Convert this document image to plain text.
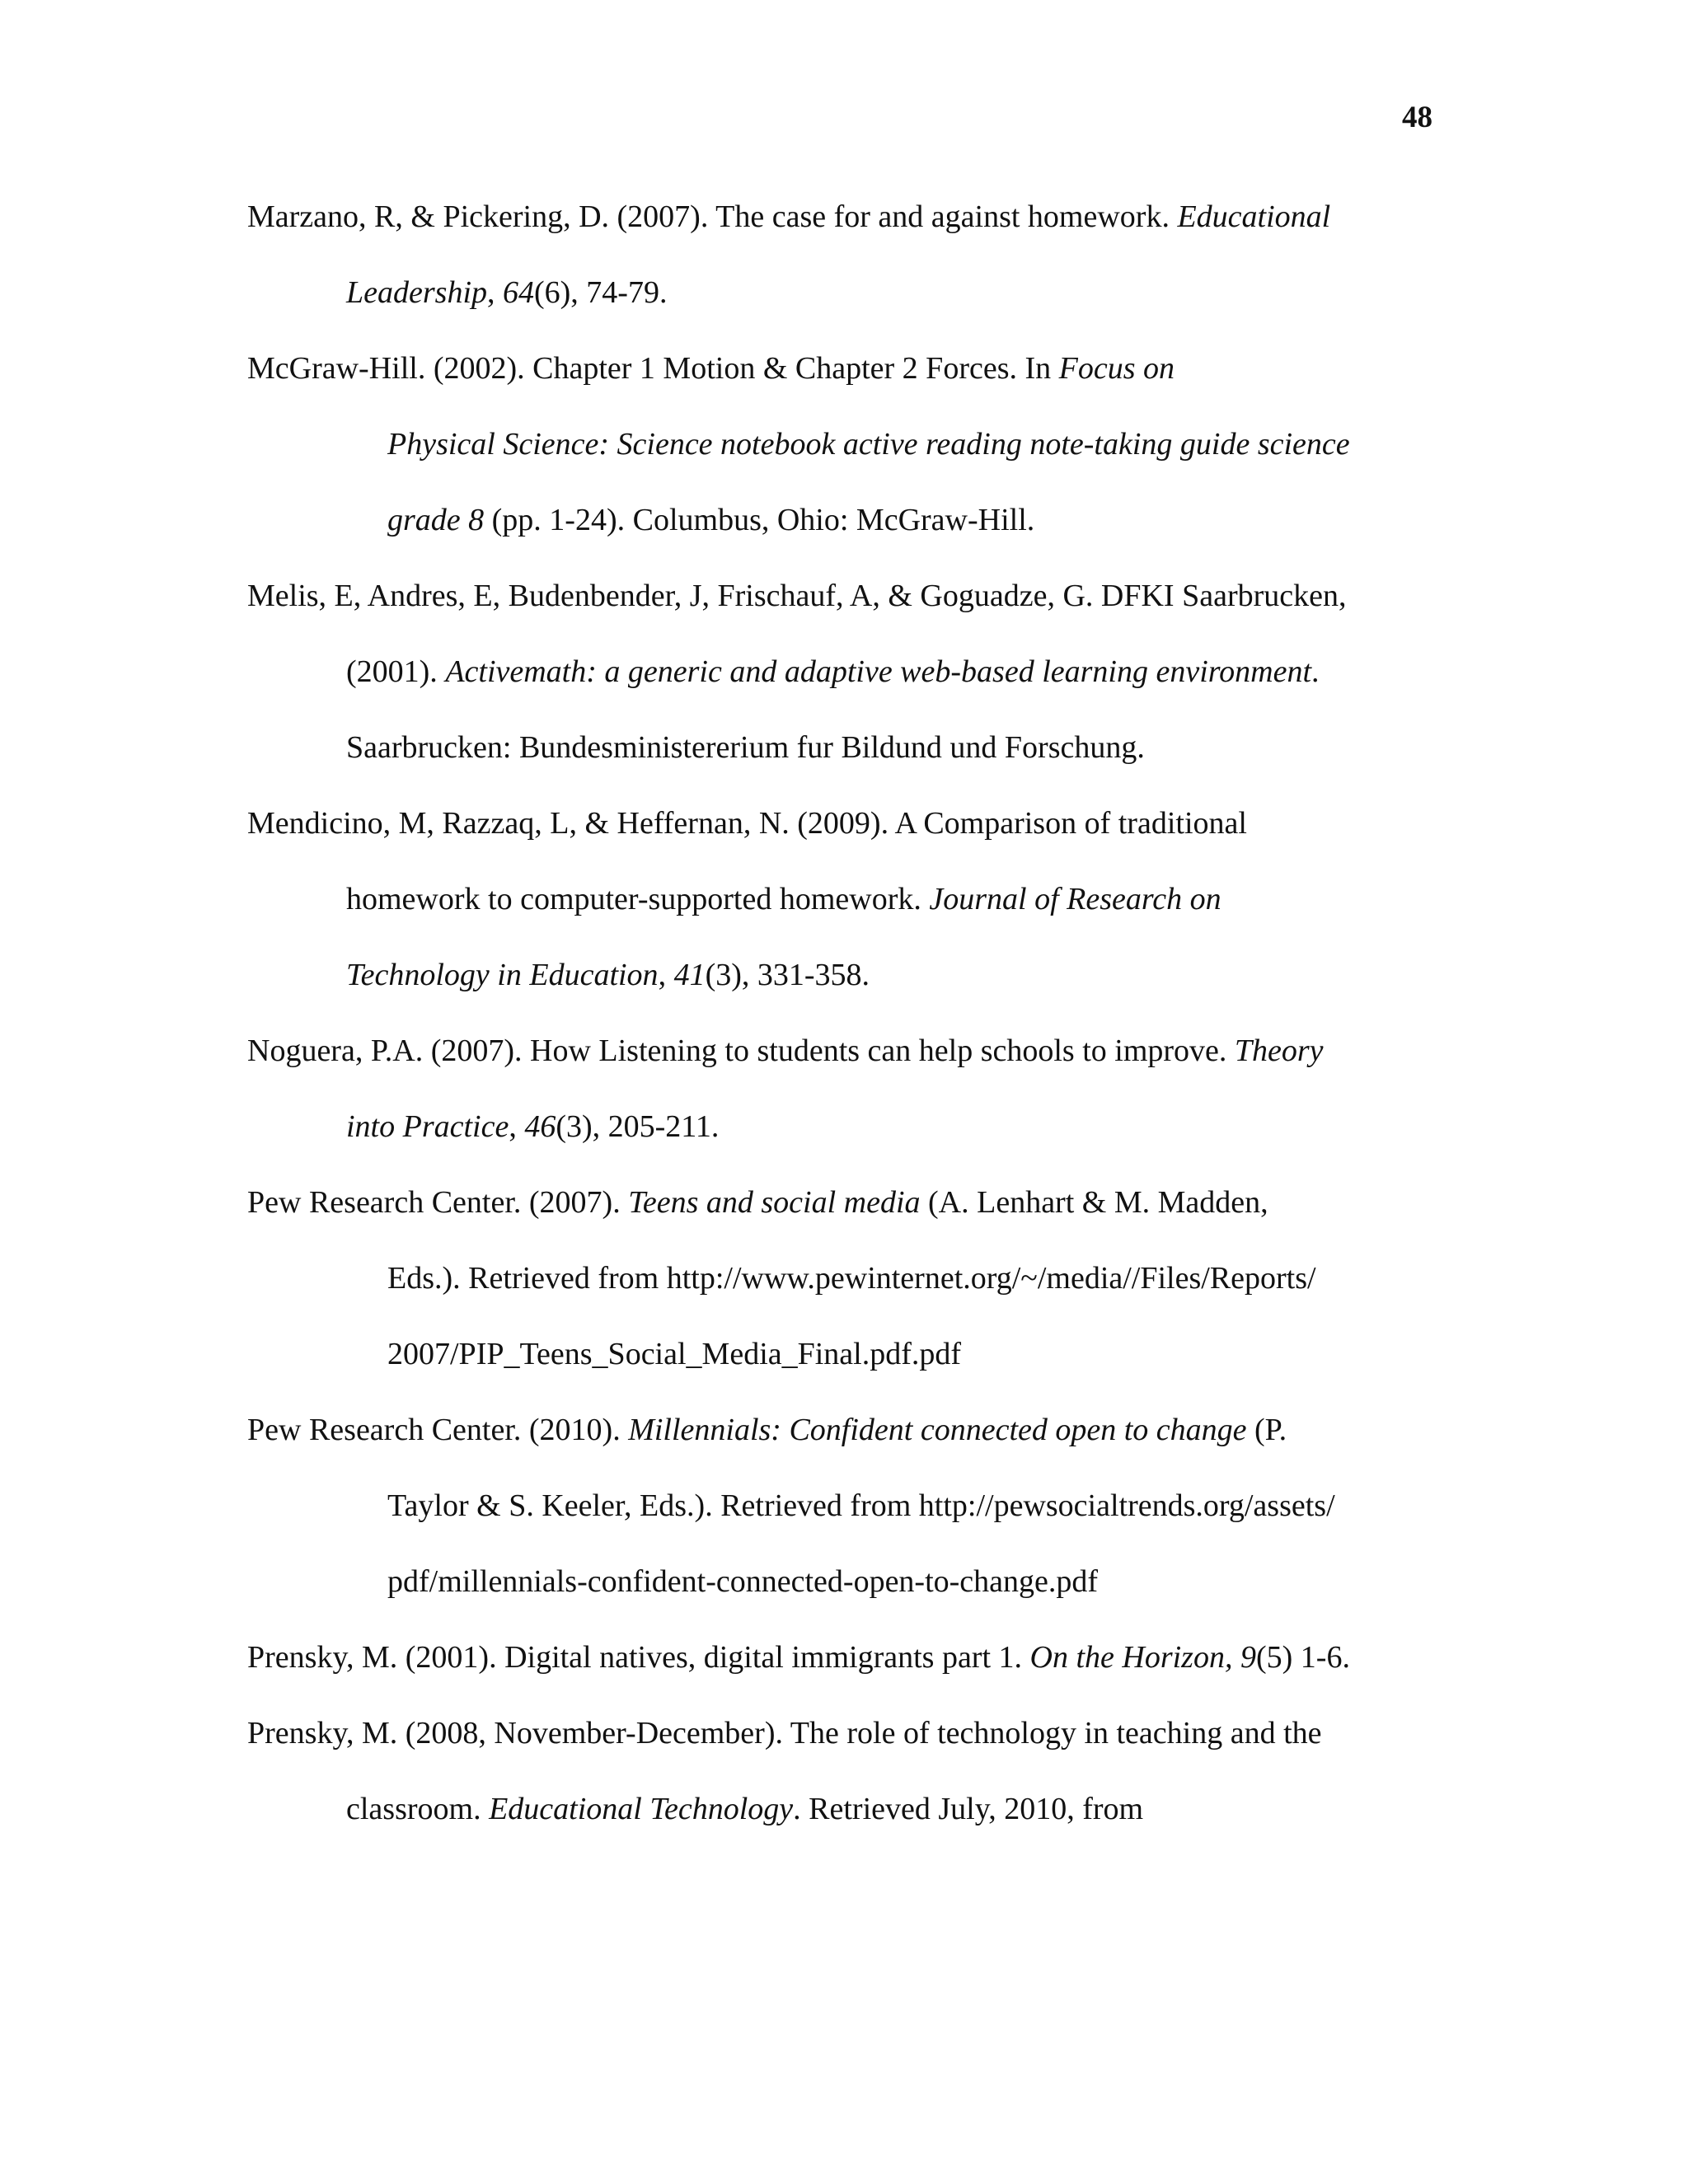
48
Marzano, R, & Pickering, D. (2007). The case for and against homework. Educational
Leadership, 64(6), 74-79.
McGraw-Hill. (2002). Chapter 1 Motion & Chapter 2 Forces. In Focus on
Physical Science: Science notebook active reading note-taking guide science
grade 8 (pp. 1-24). Columbus, Ohio: McGraw-Hill.
Melis, E, Andres, E, Budenbender, J, Frischauf, A, & Goguadze, G. DFKI Saarbrucken,
(2001). Activemath: a generic and adaptive web-based learning environment.
Saarbrucken: Bundesministererium fur Bildund und Forschung.
Mendicino, M, Razzaq, L, & Heffernan, N. (2009). A Comparison of traditional
homework to computer-supported homework. Journal of Research on
Technology in Education, 41(3), 331-358.
Noguera, P.A. (2007). How Listening to students can help schools to improve. Theory
into Practice, 46(3), 205-211.
Pew Research Center. (2007). Teens and social media (A. Lenhart & M. Madden,
Eds.). Retrieved from http://www.pewinternet.org/~/media//Files/Reports/
2007/PIP_Teens_Social_Media_Final.pdf.pdf
Pew Research Center. (2010). Millennials: Confident connected open to change (P.
Taylor & S. Keeler, Eds.). Retrieved from http://pewsocialtrends.org/assets/
pdf/millennials-confident-connected-open-to-change.pdf
Prensky, M. (2001). Digital natives, digital immigrants part 1. On the Horizon, 9(5) 1-6.
Prensky, M. (2008, November-December). The role of technology in teaching and the
classroom. Educational Technology. Retrieved July, 2010, from
